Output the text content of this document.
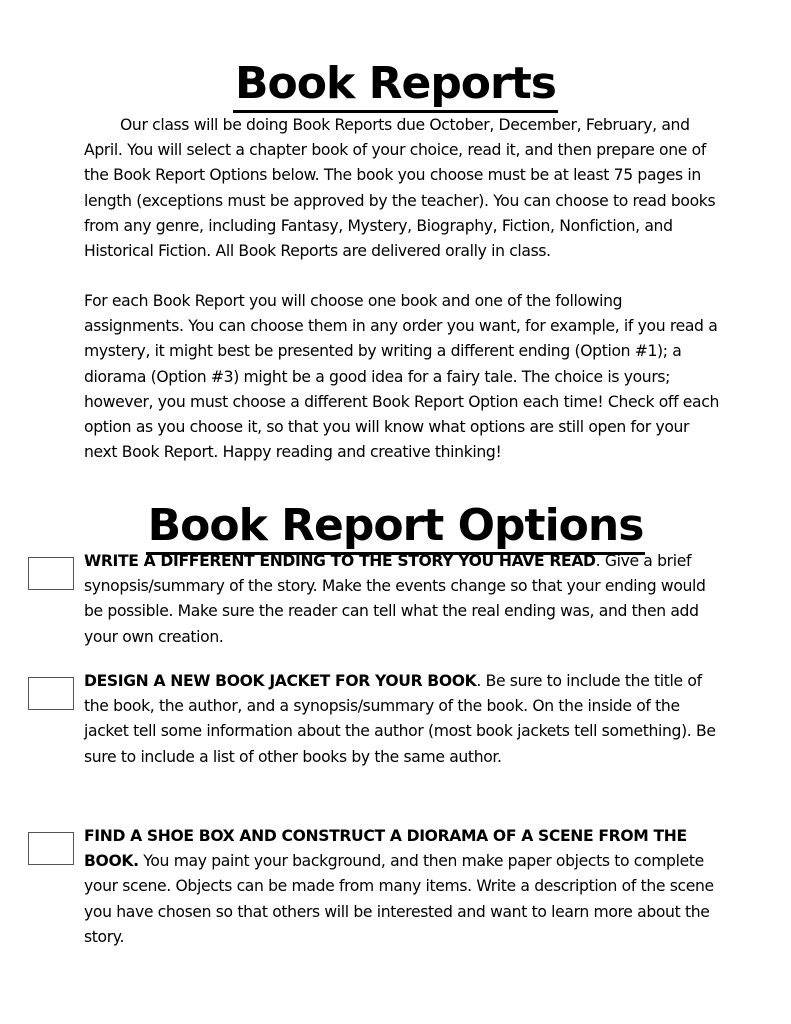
Book Reports

Our class will be doing Book Reports due October, December, February, and April. You will select a chapter book of your choice, read it, and then prepare one of the Book Report Options below. The book you choose must be at least 75 pages in length (exceptions must be approved by the teacher). You can choose to read books from any genre, including Fantasy, Mystery, Biography, Fiction, Nonfiction, and Historical Fiction. All Book Reports are delivered orally in class.

For each Book Report you will choose one book and one of the following assignments. You can choose them in any order you want, for example, if you read a mystery, it might best be presented by writing a different ending (Option #1); a diorama (Option #3) might be a good idea for a fairy tale. The choice is yours; however, you must choose a different Book Report Option each time! Check off each option as you choose it, so that you will know what options are still open for your next Book Report. Happy reading and creative thinking!

Book Report Options

WRITE A DIFFERENT ENDING TO THE STORY YOU HAVE READ. Give a brief synopsis/summary of the story. Make the events change so that your ending would be possible. Make sure the reader can tell what the real ending was, and then add your own creation.

DESIGN A NEW BOOK JACKET FOR YOUR BOOK. Be sure to include the title of the book, the author, and a synopsis/summary of the book. On the inside of the jacket tell some information about the author (most book jackets tell something). Be sure to include a list of other books by the same author.

FIND A SHOE BOX AND CONSTRUCT A DIORAMA OF A SCENE FROM THE BOOK. You may paint your background, and then make paper objects to complete your scene. Objects can be made from many items. Write a description of the scene you have chosen so that others will be interested and want to learn more about the story.
